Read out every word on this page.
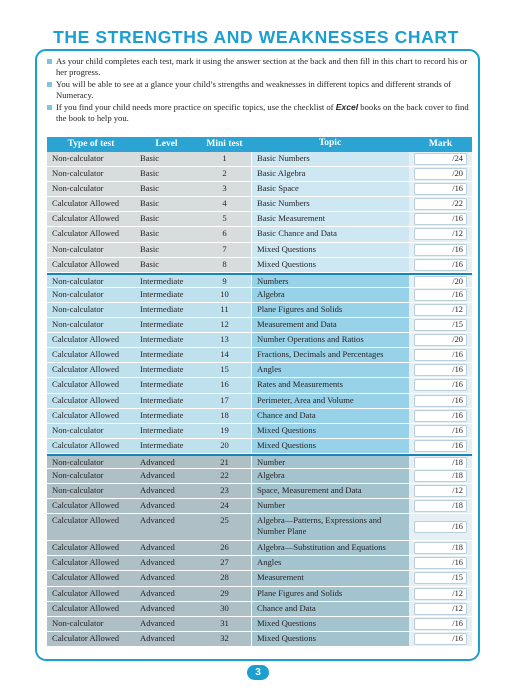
THE STRENGTHS AND WEAKNESSES CHART
As your child completes each test, mark it using the answer section at the back and then fill in this chart to record his or her progress.
You will be able to see at a glance your child’s strengths and weaknesses in different topics and different strands of Numeracy.
If you find your child needs more practice on specific topics, use the checklist of Excel books on the back cover to find the book to help you.
Type of test	Level	Mini test	Topic	Mark
Non-calculator	Basic	1	Basic Numbers	/24
Non-calculator	Basic	2	Basic Algebra	/20
Non-calculator	Basic	3	Basic Space	/16
Calculator Allowed	Basic	4	Basic Numbers	/22
Calculator Allowed	Basic	5	Basic Measurement	/16
Calculator Allowed	Basic	6	Basic Chance and Data	/12
Non-calculator	Basic	7	Mixed Questions	/16
Calculator Allowed	Basic	8	Mixed Questions	/16
Non-calculator	Intermediate	9	Numbers	/20
Non-calculator	Intermediate	10	Algebra	/16
Non-calculator	Intermediate	11	Plane Figures and Solids	/12
Non-calculator	Intermediate	12	Measurement and Data	/15
Calculator Allowed	Intermediate	13	Number Operations and Ratios	/20
Calculator Allowed	Intermediate	14	Fractions, Decimals and Percentages	/16
Calculator Allowed	Intermediate	15	Angles	/16
Calculator Allowed	Intermediate	16	Rates and Measurements	/16
Calculator Allowed	Intermediate	17	Perimeter, Area and Volume	/16
Calculator Allowed	Intermediate	18	Chance and Data	/16
Non-calculator	Intermediate	19	Mixed Questions	/16
Calculator Allowed	Intermediate	20	Mixed Questions	/16
Non-calculator	Advanced	21	Number	/18
Non-calculator	Advanced	22	Algebra	/18
Non-calculator	Advanced	23	Space, Measurement and Data	/12
Calculator Allowed	Advanced	24	Number	/18
Calculator Allowed	Advanced	25	Algebra—Patterns, Expressions and Number Plane	/16
Calculator Allowed	Advanced	26	Algebra—Substitution and Equations	/18
Calculator Allowed	Advanced	27	Angles	/16
Calculator Allowed	Advanced	28	Measurement	/15
Calculator Allowed	Advanced	29	Plane Figures and Solids	/12
Calculator Allowed	Advanced	30	Chance and Data	/12
Non-calculator	Advanced	31	Mixed Questions	/16
Calculator Allowed	Advanced	32	Mixed Questions	/16
3
